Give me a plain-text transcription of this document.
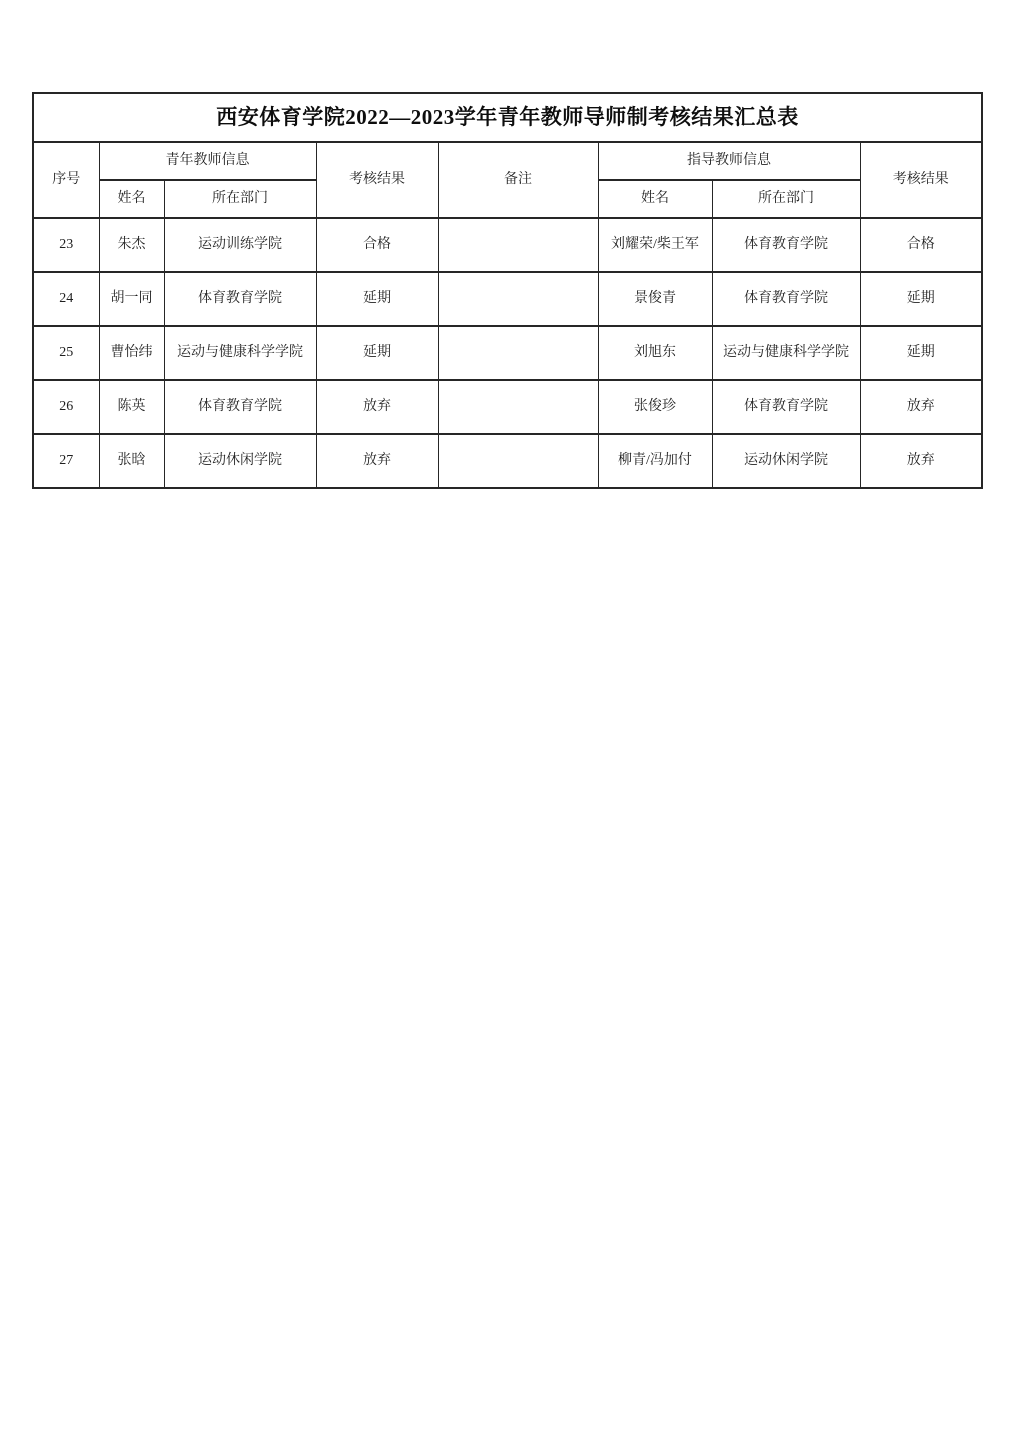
西安体育学院2022—2023学年青年教师导师制考核结果汇总表							
序号	青年教师信息		考核结果	备注	指导教师信息		考核结果
	姓名	所在部门			姓名	所在部门	
23	朱杰	运动训练学院	合格		刘耀荣/柴王军	体育教育学院	合格
24	胡一同	体育教育学院	延期		景俊青	体育教育学院	延期
25	曹怡纬	运动与健康科学学院	延期		刘旭东	运动与健康科学学院	延期
26	陈英	体育教育学院	放弃		张俊珍	体育教育学院	放弃
27	张晗	运动休闲学院	放弃		柳青/冯加付	运动休闲学院	放弃
